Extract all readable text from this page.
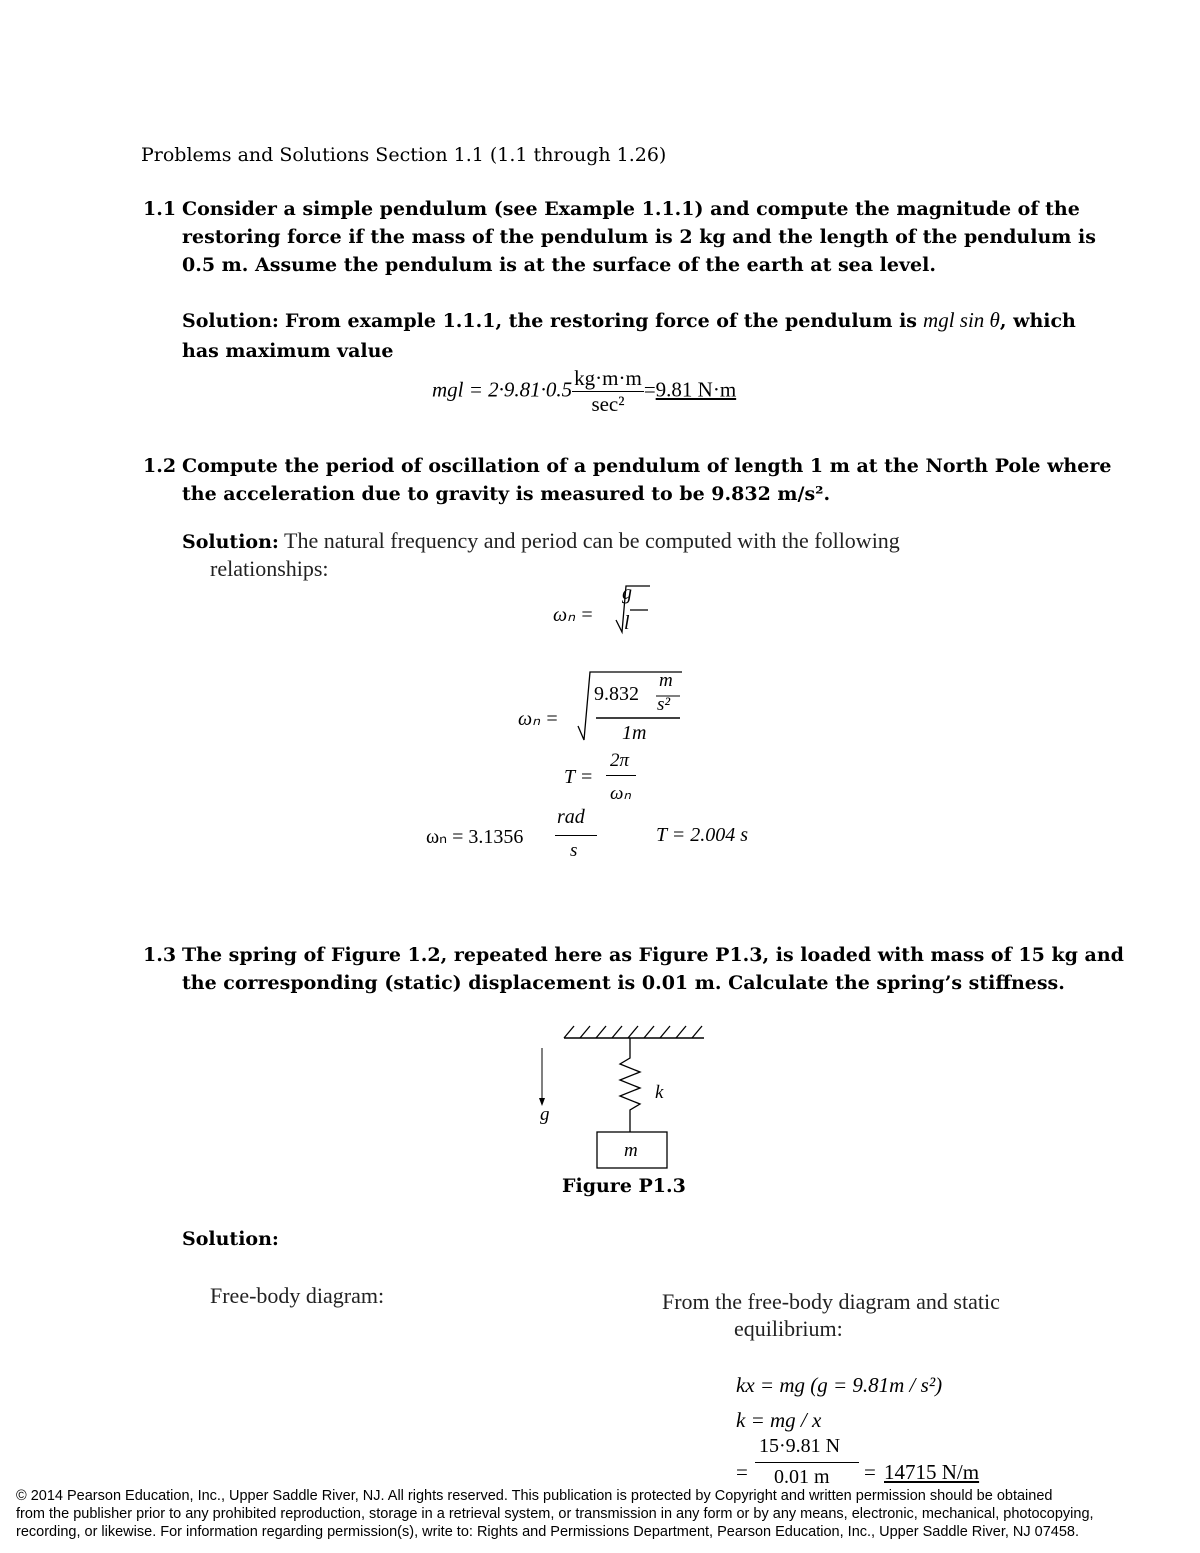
Problems and Solutions Section 1.1 (1.1 through 1.26)
1.1 Consider a simple pendulum (see Example 1.1.1) and compute the magnitude of the
restoring force if the mass of the pendulum is 2 kg and the length of the pendulum is
0.5 m. Assume the pendulum is at the surface of the earth at sea level.
Solution: From example 1.1.1, the restoring force of the pendulum is mgl sin θ, which
has maximum value
mgl = $2\cdot 9.81\cdot 0.5 \frac{kg\cdot m\cdot m}{\text{sec²}} =9.81$ N·m
1.2 Compute the period of oscillation of a pendulum of length 1 m at the North Pole where
the acceleration due to gravity is measured to be 9.832 m/s².
Solution: The natural frequency and period can be computed with the following
relationships:
ωₙ =
g
l
ωₙ =
9.832
m
s²
1m
T =
2π
ωₙ
ωₙ = 3.1356
rad
s
T = 2.004 s
1.3 The spring of Figure 1.2, repeated here as Figure P1.3, is loaded with mass of 15 kg and
the corresponding (static) displacement is 0.01 m. Calculate the spring’s stiffness.
k
g
m
Figure P1.3
Solution:
Free-body diagram:	From the free-body diagram and static
equilibrium:
kx = mg (g = 9.81m / s²)
k = mg / x
=
15·9.81 N
0.01 m = 14715 N/m
© 2014 Pearson Education, Inc., Upper Saddle River, NJ. All rights reserved. This publication is protected by Copyright and written permission should be obtained
from the publisher prior to any prohibited reproduction, storage in a retrieval system, or transmission in any form or by any means, electronic, mechanical, photocopying,
recording, or likewise. For information regarding permission(s), write to: Rights and Permissions Department, Pearson Education, Inc., Upper Saddle River, NJ 07458.
